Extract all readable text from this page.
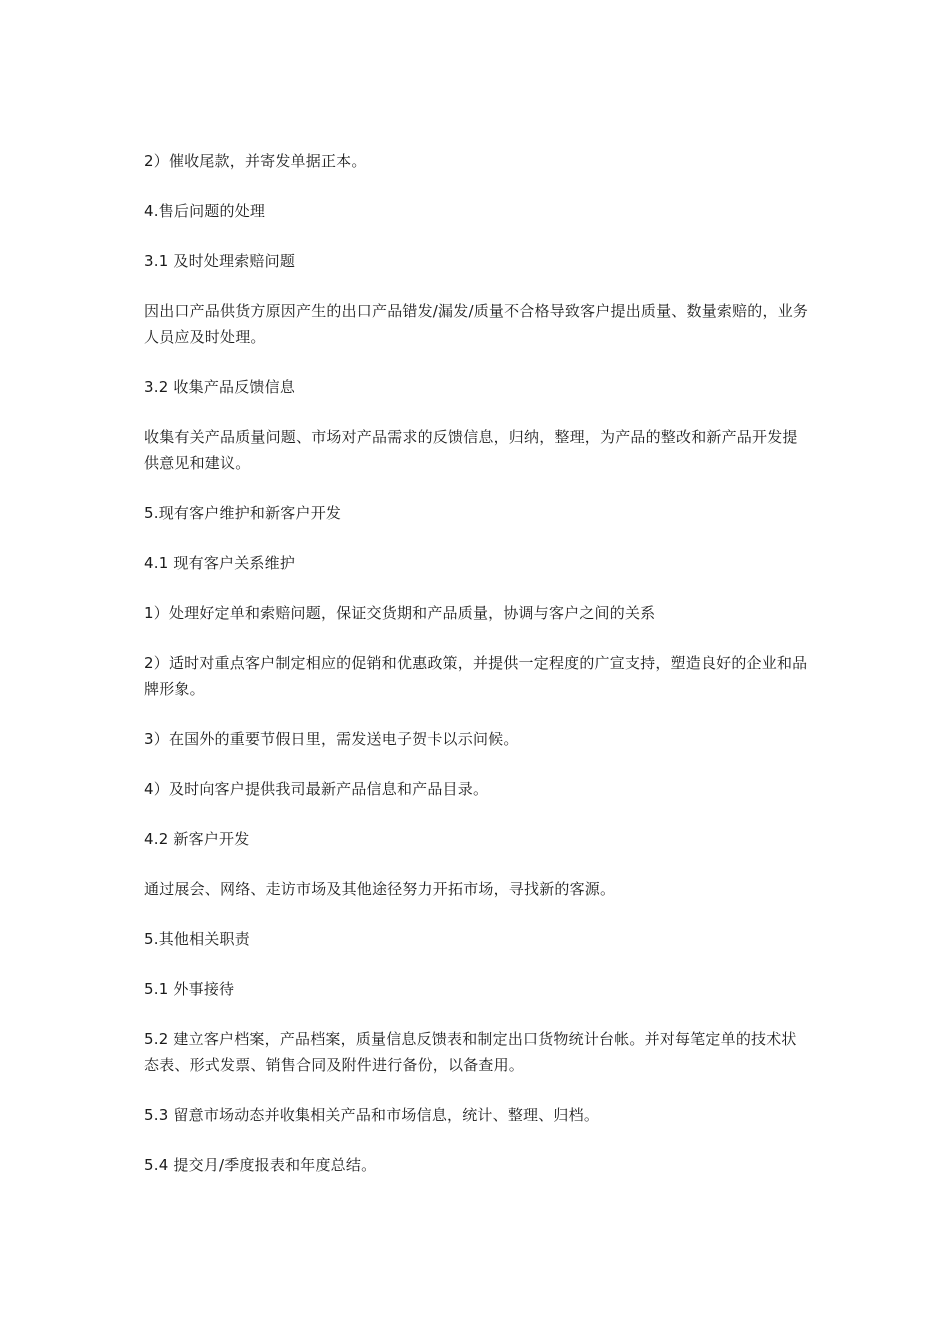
2）催收尾款，并寄发单据正本。

4.售后问题的处理

3.1 及时处理索赔问题

因出口产品供货方原因产生的出口产品错发/漏发/质量不合格导致客户提出质量、数量索赔的，业务人员应及时处理。

3.2 收集产品反馈信息

收集有关产品质量问题、市场对产品需求的反馈信息，归纳，整理，为产品的整改和新产品开发提供意见和建议。

5.现有客户维护和新客户开发

4.1 现有客户关系维护

1）处理好定单和索赔问题，保证交货期和产品质量，协调与客户之间的关系

2）适时对重点客户制定相应的促销和优惠政策，并提供一定程度的广宣支持，塑造良好的企业和品牌形象。

3）在国外的重要节假日里，需发送电子贺卡以示问候。

4）及时向客户提供我司最新产品信息和产品目录。

4.2 新客户开发

通过展会、网络、走访市场及其他途径努力开拓市场，寻找新的客源。

5.其他相关职责

5.1 外事接待

5.2 建立客户档案，产品档案，质量信息反馈表和制定出口货物统计台帐。并对每笔定单的技术状态表、形式发票、销售合同及附件进行备份，以备查用。

5.3 留意市场动态并收集相关产品和市场信息，统计、整理、归档。

5.4 提交月/季度报表和年度总结。
